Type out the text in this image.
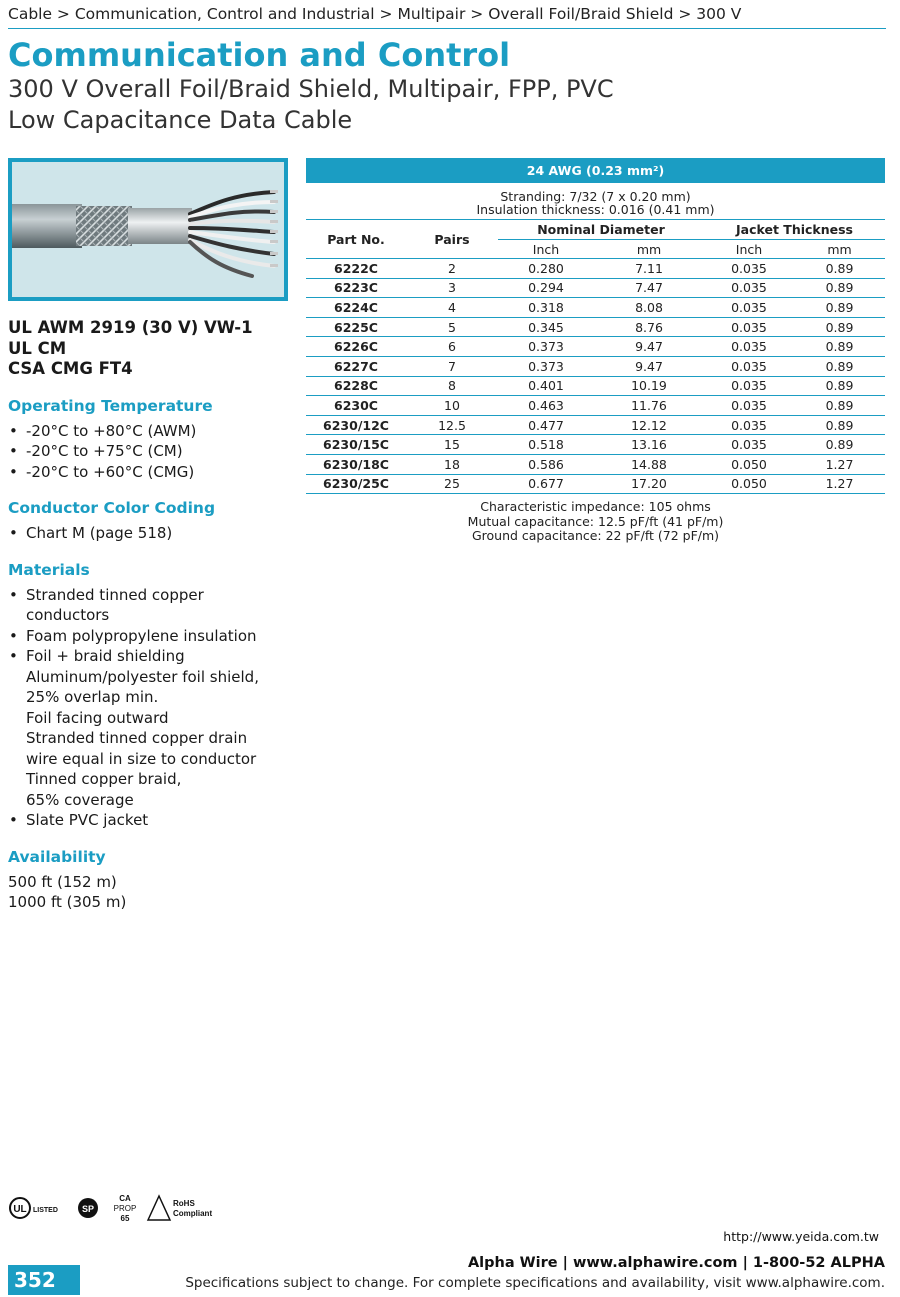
Cable > Communication, Control and Industrial > Multipair > Overall Foil/Braid Shield > 300 V
Communication and Control
300 V Overall Foil/Braid Shield, Multipair, FPP, PVC
Low Capacitance Data Cable
UL AWM 2919 (30 V) VW-1
UL CM
CSA CMG FT4
Operating Temperature
• -20°C to +80°C (AWM)
• -20°C to +75°C (CM)
• -20°C to +60°C (CMG)
Conductor Color Coding
• Chart M (page 518)
Materials
• Stranded tinned copper
conductors
• Foam polypropylene insulation
• Foil + braid shielding
Aluminum/polyester foil shield,
25% overlap min.
Foil facing outward
Stranded tinned copper drain
wire equal in size to conductor
Tinned copper braid,
65% coverage
• Slate PVC jacket
Availability
500 ft (152 m)
1000 ft (305 m)
24 AWG (0.23 mm²)
Stranding: 7/32 (7 x 0.20 mm)
Insulation thickness: 0.016 (0.41 mm)
Part No.	Pairs	Nominal Diameter		Jacket Thickness	
		Inch	mm	Inch	mm
6222C	2	0.280	7.11	0.035	0.89
6223C	3	0.294	7.47	0.035	0.89
6224C	4	0.318	8.08	0.035	0.89
6225C	5	0.345	8.76	0.035	0.89
6226C	6	0.373	9.47	0.035	0.89
6227C	7	0.373	9.47	0.035	0.89
6228C	8	0.401	10.19	0.035	0.89
6230C	10	0.463	11.76	0.035	0.89
6230/12C	12.5	0.477	12.12	0.035	0.89
6230/15C	15	0.518	13.16	0.035	0.89
6230/18C	18	0.586	14.88	0.050	1.27
6230/25C	25	0.677	17.20	0.050	1.27
Characteristic impedance: 105 ohms
Mutual capacitance: 12.5 pF/ft (41 pF/m)
Ground capacitance: 22 pF/ft (72 pF/m)
UL LISTED	SP
CA
PROP
65
RoHS
Compliant
http://www.yeida.com.tw
Alpha Wire | www.alphawire.com | 1-800-52 ALPHA
Specifications subject to change. For complete specifications and availability, visit www.alphawire.com.
352
